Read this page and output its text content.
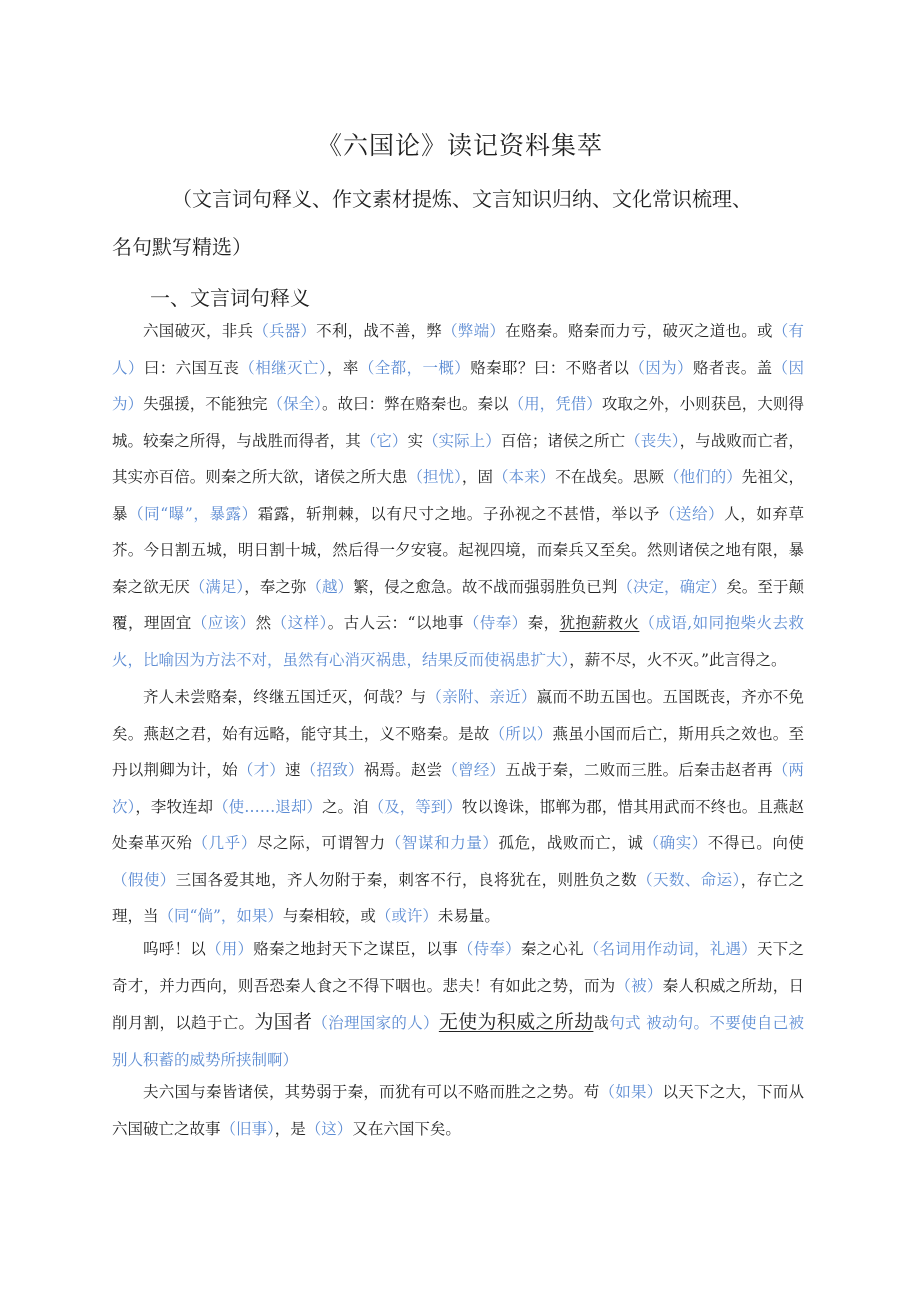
《六国论》读记资料集萃
（文言词句释义、作文素材提炼、文言知识归纳、文化常识梳理、
名句默写精选）
一、文言词句释义
六国破灭，非兵（兵器）不利，战不善，弊（弊端）在赂秦。赂秦而力亏，破灭之道也。或（有人）曰：六国互丧（相继灭亡），率（全都，一概）赂秦耶？曰：不赂者以（因为）赂者丧。盖（因为）失强援，不能独完（保全）。故曰：弊在赂秦也。秦以（用，凭借）攻取之外，小则获邑，大则得城。较秦之所得，与战胜而得者，其（它）实（实际上）百倍；诸侯之所亡（丧失），与战败而亡者，其实亦百倍。则秦之所大欲，诸侯之所大患（担忧），固（本来）不在战矣。思厥（他们的）先祖父，暴（同“曝”，暴露）霜露，斩荆棘，以有尺寸之地。子孙视之不甚惜，举以予（送给）人，如弃草芥。今日割五城，明日割十城，然后得一夕安寝。起视四境，而秦兵又至矣。然则诸侯之地有限，暴秦之欲无厌（满足），奉之弥（越）繁，侵之愈急。故不战而强弱胜负已判（决定，确定）矣。至于颠覆，理固宜（应该）然（这样）。古人云：“以地事（侍奉）秦，犹抱薪救火（成语,如同抱柴火去救火，比喻因为方法不对，虽然有心消灭祸患，结果反而使祸患扩大），薪不尽，火不灭。”此言得之。
齐人未尝赂秦，终继五国迁灭，何哉？与（亲附、亲近）嬴而不助五国也。五国既丧，齐亦不免矣。燕赵之君，始有远略，能守其土，义不赂秦。是故（所以）燕虽小国而后亡，斯用兵之效也。至丹以荆卿为计，始（才）速（招致）祸焉。赵尝（曾经）五战于秦，二败而三胜。后秦击赵者再（两次），李牧连却（使……退却）之。洎（及，等到）牧以谗诛，邯郸为郡，惜其用武而不终也。且燕赵处秦革灭殆（几乎）尽之际，可谓智力（智谋和力量）孤危，战败而亡，诚（确实）不得已。向使（假使）三国各爱其地，齐人勿附于秦，刺客不行，良将犹在，则胜负之数（天数、命运），存亡之理，当（同“倘”，如果）与秦相较，或（或许）未易量。
呜呼！以（用）赂秦之地封天下之谋臣，以事（侍奉）秦之心礼（名词用作动词，礼遇）天下之奇才，并力西向，则吾恐秦人食之不得下咽也。悲夫！有如此之势，而为（被）秦人积威之所劫，日削月割，以趋于亡。为国者（治理国家的人）无使为积威之所劫哉句式 被动句。不要使自己被别人积蓄的威势所挟制啊）
夫六国与秦皆诸侯，其势弱于秦，而犹有可以不赂而胜之之势。苟（如果）以天下之大，下而从六国破亡之故事（旧事），是（这）又在六国下矣。
